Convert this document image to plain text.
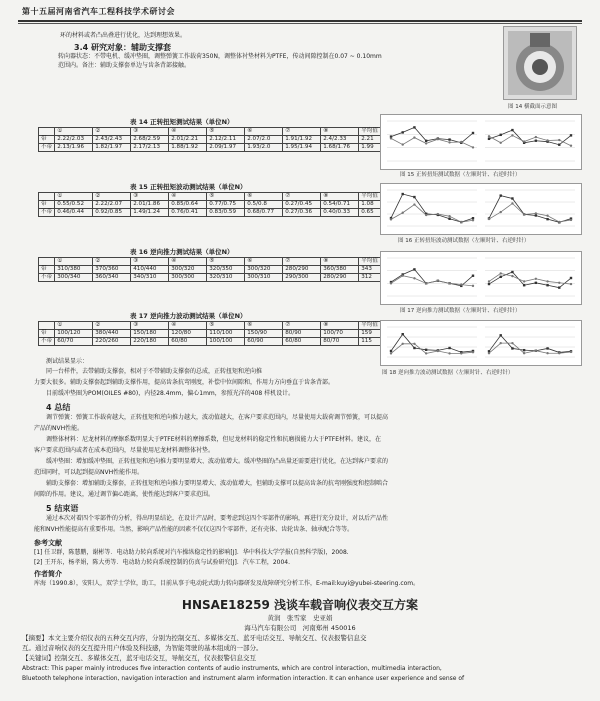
第十五届河南省汽车工程科技学术研讨会
环的材料或者凸出叠进行优化，达到理想效果。
3.4 研究对象：辅助支撑套
转向器状态：不带电机、缓冲垫圈，调整弹簧工作载荷350N，调整体衬垫材料为PTFE，传动间隙控制在0.07 ~ 0.10mm
范围内。备注：辅助支撑套单边与齿条背部接触。
图 14 横截面示意图
表 14 正转扭矩测试结果（单位N）
	①	②	③	④	⑤	⑥	⑦	⑧	平均值
带	2.22/2.03	2.43/2.43	2.68/2.59	2.01/2.21	2.12/2.11	2.07/2.0	1.91/1.92	2.4/2.33	2.21
不带	2.13/1.96	1.82/1.97	2.17/2.13	1.88/1.92	2.09/1.97	1.93/2.0	1.95/1.94	1.68/1.76	1.99
表 15 正转扭矩波动测试结果（单位N）
	①	②	③	④	⑤	⑥	⑦	⑧	平均值
带	0.55/0.52	2.22/2.07	2.01/1.86	0.85/0.64	0.77/0.75	0.5/0.8	0.27/0.45	0.54/0.71	1.08
不带	0.46/0.44	0.92/0.85	1.49/1.24	0.76/0.41	0.83/0.59	0.68/0.77	0.27/0.36	0.40/0.33	0.65
表 16 逆向推力测试结果（单位N）
	①	②	③	④	⑤	⑥	⑦	⑧	平均值
带	310/380	370/360	410/440	300/320	320/350	300/320	280/290	360/380	343
不带	300/340	360/340	340/310	300/300	320/310	300/310	290/300	280/290	312
表 17 逆向推力波动测试结果（单位N）
	①	②	③	④	⑤	⑥	⑦	⑧	平均值
带	100/120	380/440	150/180	120/80	110/100	150/90	80/90	100/70	159
不带	60/70	220/260	220/180	60/80	100/100	60/90	60/80	80/70	115
图 15 正转扭矩测试数据（左顺时针、右逆时针）
图 16 正转扭矩波动测试数据（左顺时针、右逆时针）
图 17 逆向推力测试数据（左顺时针、右逆时针）
图 18 逆向推力波动测试数据（左顺时针、右逆时针）
测试结果显示：
同一台样件，去带辅助支撑套，相对于不带辅助支撑套的总成，正转扭矩和逆向推
力要大很多。辅助支撑套起到辅助支撑作用，提高齿条抗弯刚度，补偿中位间隙和，作用力方向垂直于齿条背部。
目前缓冲垫圈为POM(OILES #80)，内径28.4mm，偏心1mm，参照光洋的408 样机设计。
4 总结
调节弹簧：弹簧工作载荷越大，正转扭矩和逆向推力越大，波动值越大，在客户要求范围内，尽量使用大载荷调节弹簧，可以提高
产品的NVH性能。
调整体材料：尼龙材料的摩擦系数明显大于PTFE材料的摩擦系数，但尼龙材料的稳定性和抗磨损能力大于PTFE材料。建议，在
客户要求范围内或者在成本范围内，尽量使用尼龙材料调整体衬垫。
缓冲垫圈：增加缓冲垫圈，正转扭矩和逆向推力要明显增大、波动值增大。缓冲垫圈的凸出量还需要进行优化，在达到客户要求的
范围同时，可以起到提高NVH性能作用。
辅助支撑套：增加辅助支撑套，正转扭矩和逆向推力要明显增大、波动值增大，但辅助支撑可以提高齿条的抗弯刚强度和控制啮合
间隙的作用。建议，通过调节偏心距离，使性能达到客户要求范围。
5 结束语
通过本次对着四个零部件的分析，得出明显结论，在设计产品时，要考虑到这四个零部件的影响，再进行充分设计，对以后产品性
能和NVH性能提高有重要作用。当然，影响产品性能的因素不仅仅这四个零部件，还有壳体、齿轮齿条、轴承配合等等。
参考文献
[1] 任卫群，陈慧鹏，谢彬等．电动助力转向系统对汽车操纵稳定性的影响[J]．华中科技大学学报(自然科学版)，2008.
[2] 王开东，杨孝娟，陈大勇等．电动助力转向系统控制的仿真与试验研究[J]．汽车工程，2004.
作者简介
库海（1990.8），安阳人，双学士学位，助工，目前从事于电动轮式助力转向器研发及故障研究分析工作，E-mail:kuyi@yubei-steering.com。
HNSAE18259 浅谈车载音响仪表交互方案
黄润　张雪家　史亚娟
海马汽车有限公司　河南郑州 450016
【摘要】本文主要介绍仪表的五种交互内容，分别为控制交互、多媒体交互、蓝牙电话交互、导航交互、仪表报警信息交
互。通过音响仪表的交互提升用户体验及科技感，为智能驾驶的基本组成的一部分。
【关键词】控制交互、多媒体交互，蓝牙电话交互，导航交互，仪表报警信息交互
Abstract: This paper mainly introduces five interaction contents of audio instruments, which are control interaction, multimedia interaction,
Bluetooth telephone interaction, navigation interaction and instrument alarm information interaction. It can enhance user experience and sense of
